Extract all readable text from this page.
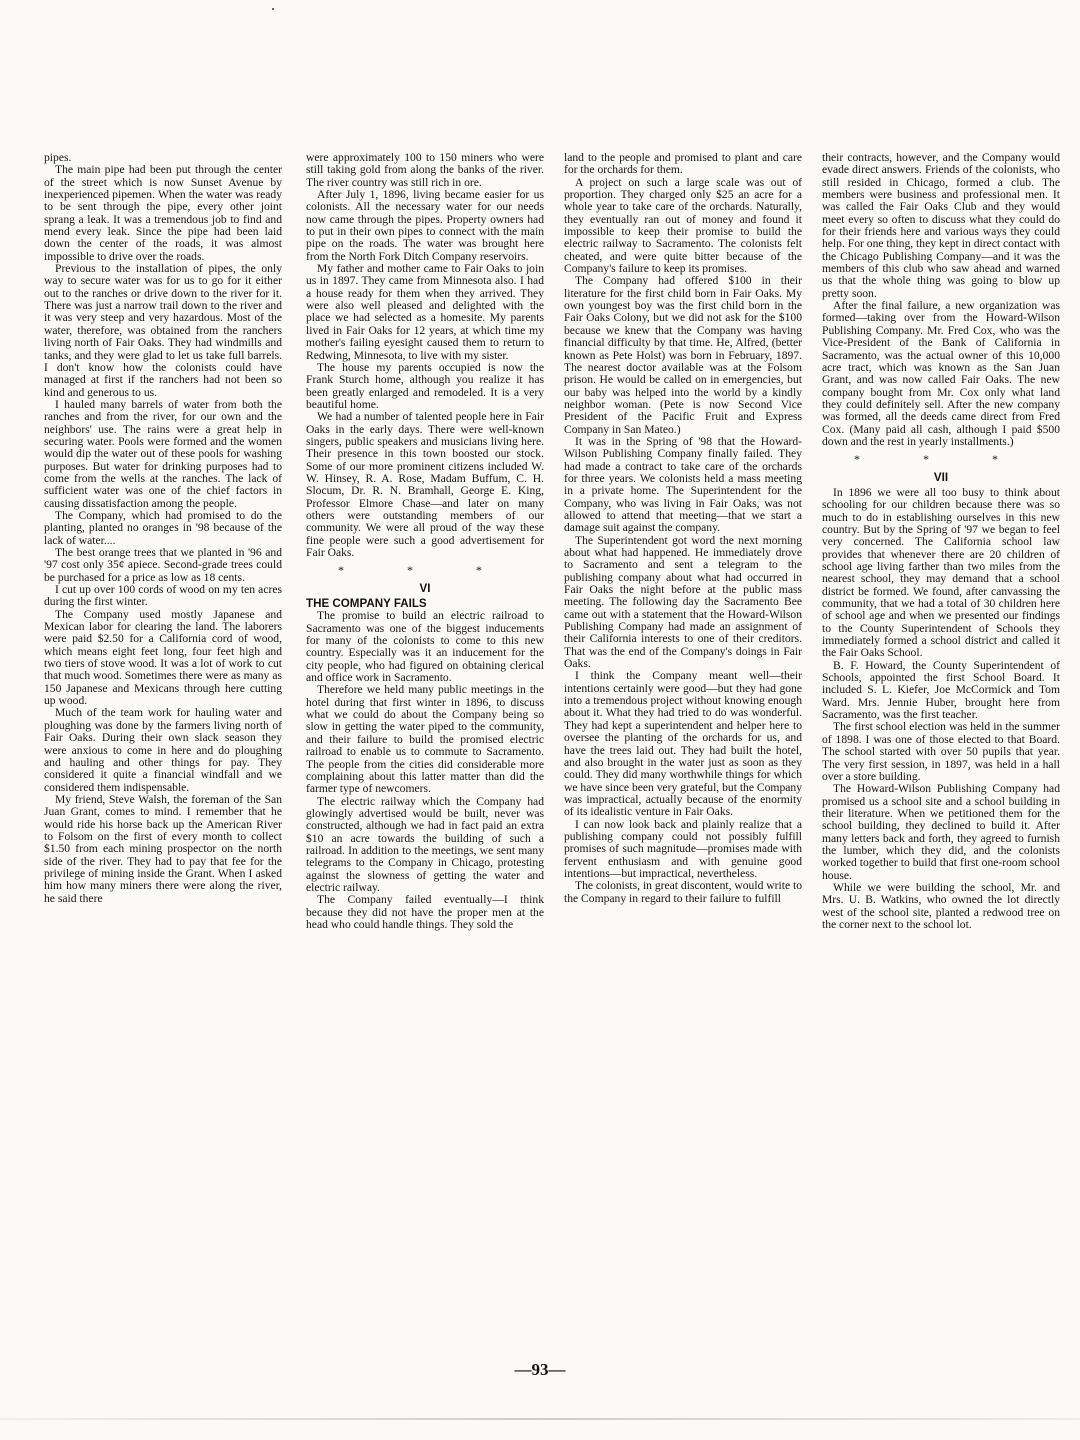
pipes.

The main pipe had been put through the center of the street which is now Sunset Avenue by inexperienced pipemen. When the water was ready to be sent through the pipe, every other joint sprang a leak. It was a tremendous job to find and mend every leak. Since the pipe had been laid down the center of the roads, it was almost impossible to drive over the roads.

Previous to the installation of pipes, the only way to secure water was for us to go for it either out to the ranches or drive down to the river for it. There was just a narrow trail down to the river and it was very steep and very hazardous. Most of the water, therefore, was obtained from the ranchers living north of Fair Oaks. They had windmills and tanks, and they were glad to let us take full barrels. I don't know how the colonists could have managed at first if the ranchers had not been so kind and generous to us.

I hauled many barrels of water from both the ranches and from the river, for our own and the neighbors' use. The rains were a great help in securing water. Pools were formed and the women would dip the water out of these pools for washing purposes. But water for drinking purposes had to come from the wells at the ranches. The lack of sufficient water was one of the chief factors in causing dissatisfaction among the people.

The Company, which had promised to do the planting, planted no oranges in '98 because of the lack of water....

The best orange trees that we planted in '96 and '97 cost only 35¢ apiece. Second-grade trees could be purchased for a price as low as 18 cents.

I cut up over 100 cords of wood on my ten acres during the first winter.

The Company used mostly Japanese and Mexican labor for clearing the land. The laborers were paid $2.50 for a California cord of wood, which means eight feet long, four feet high and two tiers of stove wood. It was a lot of work to cut that much wood. Sometimes there were as many as 150 Japanese and Mexicans through here cutting up wood.

Much of the team work for hauling water and ploughing was done by the farmers living north of Fair Oaks. During their own slack season they were anxious to come in here and do ploughing and hauling and other things for pay. They considered it quite a financial windfall and we considered them indispensable.

My friend, Steve Walsh, the foreman of the San Juan Grant, comes to mind. I remember that he would ride his horse back up the American River to Folsom on the first of every month to collect $1.50 from each mining prospector on the north side of the river. They had to pay that fee for the privilege of mining inside the Grant. When I asked him how many miners there were along the river, he said there

were approximately 100 to 150 miners who were still taking gold from along the banks of the river. The river country was still rich in ore.

After July 1, 1896, living became easier for us colonists. All the necessary water for our needs now came through the pipes. Property owners had to put in their own pipes to connect with the main pipe on the roads. The water was brought here from the North Fork Ditch Company reservoirs.

My father and mother came to Fair Oaks to join us in 1897. They came from Minnesota also. I had a house ready for them when they arrived. They were also well pleased and delighted with the place we had selected as a homesite. My parents lived in Fair Oaks for 12 years, at which time my mother's failing eyesight caused them to return to Redwing, Minnesota, to live with my sister.

The house my parents occupied is now the Frank Sturch home, although you realize it has been greatly enlarged and remodeled. It is a very beautiful home.

We had a number of talented people here in Fair Oaks in the early days. There were well-known singers, public speakers and musicians living here. Their presence in this town boosted our stock. Some of our more prominent citizens included W. W. Hinsey, R. A. Rose, Madam Buffum, C. H. Slocum, Dr. R. N. Bramhall, George E. King, Professor Elmore Chase—and later on many others were outstanding members of our community. We were all proud of the way these fine people were such a good advertisement for Fair Oaks.

* * *
VI
THE COMPANY FAILS

The promise to build an electric railroad to Sacramento was one of the biggest inducements for many of the colonists to come to this new country. Especially was it an inducement for the city people, who had figured on obtaining clerical and office work in Sacramento.

Therefore we held many public meetings in the hotel during that first winter in 1896, to discuss what we could do about the Company being so slow in getting the water piped to the community, and their failure to build the promised electric railroad to enable us to commute to Sacramento. The people from the cities did considerable more complaining about this latter matter than did the farmer type of newcomers.

The electric railway which the Company had glowingly advertised would be built, never was constructed, although we had in fact paid an extra $10 an acre towards the building of such a railroad. In addition to the meetings, we sent many telegrams to the Company in Chicago, protesting against the slowness of getting the water and electric railway.

The Company failed eventually—I think because they did not have the proper men at the head who could handle things. They sold the

land to the people and promised to plant and care for the orchards for them.

A project on such a large scale was out of proportion. They charged only $25 an acre for a whole year to take care of the orchards. Naturally, they eventually ran out of money and found it impossible to keep their promise to build the electric railway to Sacramento. The colonists felt cheated, and were quite bitter because of the Company's failure to keep its promises.

The Company had offered $100 in their literature for the first child born in Fair Oaks. My own youngest boy was the first child born in the Fair Oaks Colony, but we did not ask for the $100 because we knew that the Company was having financial difficulty by that time. He, Alfred, (better known as Pete Holst) was born in February, 1897. The nearest doctor available was at the Folsom prison. He would be called on in emergencies, but our baby was helped into the world by a kindly neighbor woman. (Pete is now Second Vice President of the Pacific Fruit and Express Company in San Mateo.)

It was in the Spring of '98 that the Howard-Wilson Publishing Company finally failed. They had made a contract to take care of the orchards for three years. We colonists held a mass meeting in a private home. The Superintendent for the Company, who was living in Fair Oaks, was not allowed to attend that meeting—that we start a damage suit against the company.

The Superintendent got word the next morning about what had happened. He immediately drove to Sacramento and sent a telegram to the publishing company about what had occurred in Fair Oaks the night before at the public mass meeting. The following day the Sacramento Bee came out with a statement that the Howard-Wilson Publishing Company had made an assignment of their California interests to one of their creditors. That was the end of the Company's doings in Fair Oaks.

I think the Company meant well—their intentions certainly were good—but they had gone into a tremendous project without knowing enough about it. What they had tried to do was wonderful. They had kept a superintendent and helper here to oversee the planting of the orchards for us, and have the trees laid out. They had built the hotel, and also brought in the water just as soon as they could. They did many worthwhile things for which we have since been very grateful, but the Company was impractical, actually because of the enormity of its idealistic venture in Fair Oaks.

I can now look back and plainly realize that a publishing company could not possibly fulfill promises of such magnitude—promises made with fervent enthusiasm and with genuine good intentions—but impractical, nevertheless.

The colonists, in great discontent, would write to the Company in regard to their failure to fulfill

their contracts, however, and the Company would evade direct answers. Friends of the colonists, who still resided in Chicago, formed a club. The members were business and professional men. It was called the Fair Oaks Club and they would meet every so often to discuss what they could do for their friends here and various ways they could help. For one thing, they kept in direct contact with the Chicago Publishing Company—and it was the members of this club who saw ahead and warned us that the whole thing was going to blow up pretty soon.

After the final failure, a new organization was formed—taking over from the Howard-Wilson Publishing Company. Mr. Fred Cox, who was the Vice-President of the Bank of California in Sacramento, was the actual owner of this 10,000 acre tract, which was known as the San Juan Grant, and was now called Fair Oaks. The new company bought from Mr. Cox only what land they could definitely sell. After the new company was formed, all the deeds came direct from Fred Cox. (Many paid all cash, although I paid $500 down and the rest in yearly installments.)

* * *
VII

In 1896 we were all too busy to think about schooling for our children because there was so much to do in establishing ourselves in this new country. But by the Spring of '97 we began to feel very concerned. The California school law provides that whenever there are 20 children of school age living farther than two miles from the nearest school, they may demand that a school district be formed. We found, after canvassing the community, that we had a total of 30 children here of school age and when we presented our findings to the County Superintendent of Schools they immediately formed a school district and called it the Fair Oaks School.

B. F. Howard, the County Superintendent of Schools, appointed the first School Board. It included S. L. Kiefer, Joe McCormick and Tom Ward. Mrs. Jennie Huber, brought here from Sacramento, was the first teacher.

The first school election was held in the summer of 1898. I was one of those elected to that Board. The school started with over 50 pupils that year. The very first session, in 1897, was held in a hall over a store building.

The Howard-Wilson Publishing Company had promised us a school site and a school building in their literature. When we petitioned them for the school building, they declined to build it. After many letters back and forth, they agreed to furnish the lumber, which they did, and the colonists worked together to build that first one-room school house.

While we were building the school, Mr. and Mrs. U. B. Watkins, who owned the lot directly west of the school site, planted a redwood tree on the corner next to the school lot.

—93—
